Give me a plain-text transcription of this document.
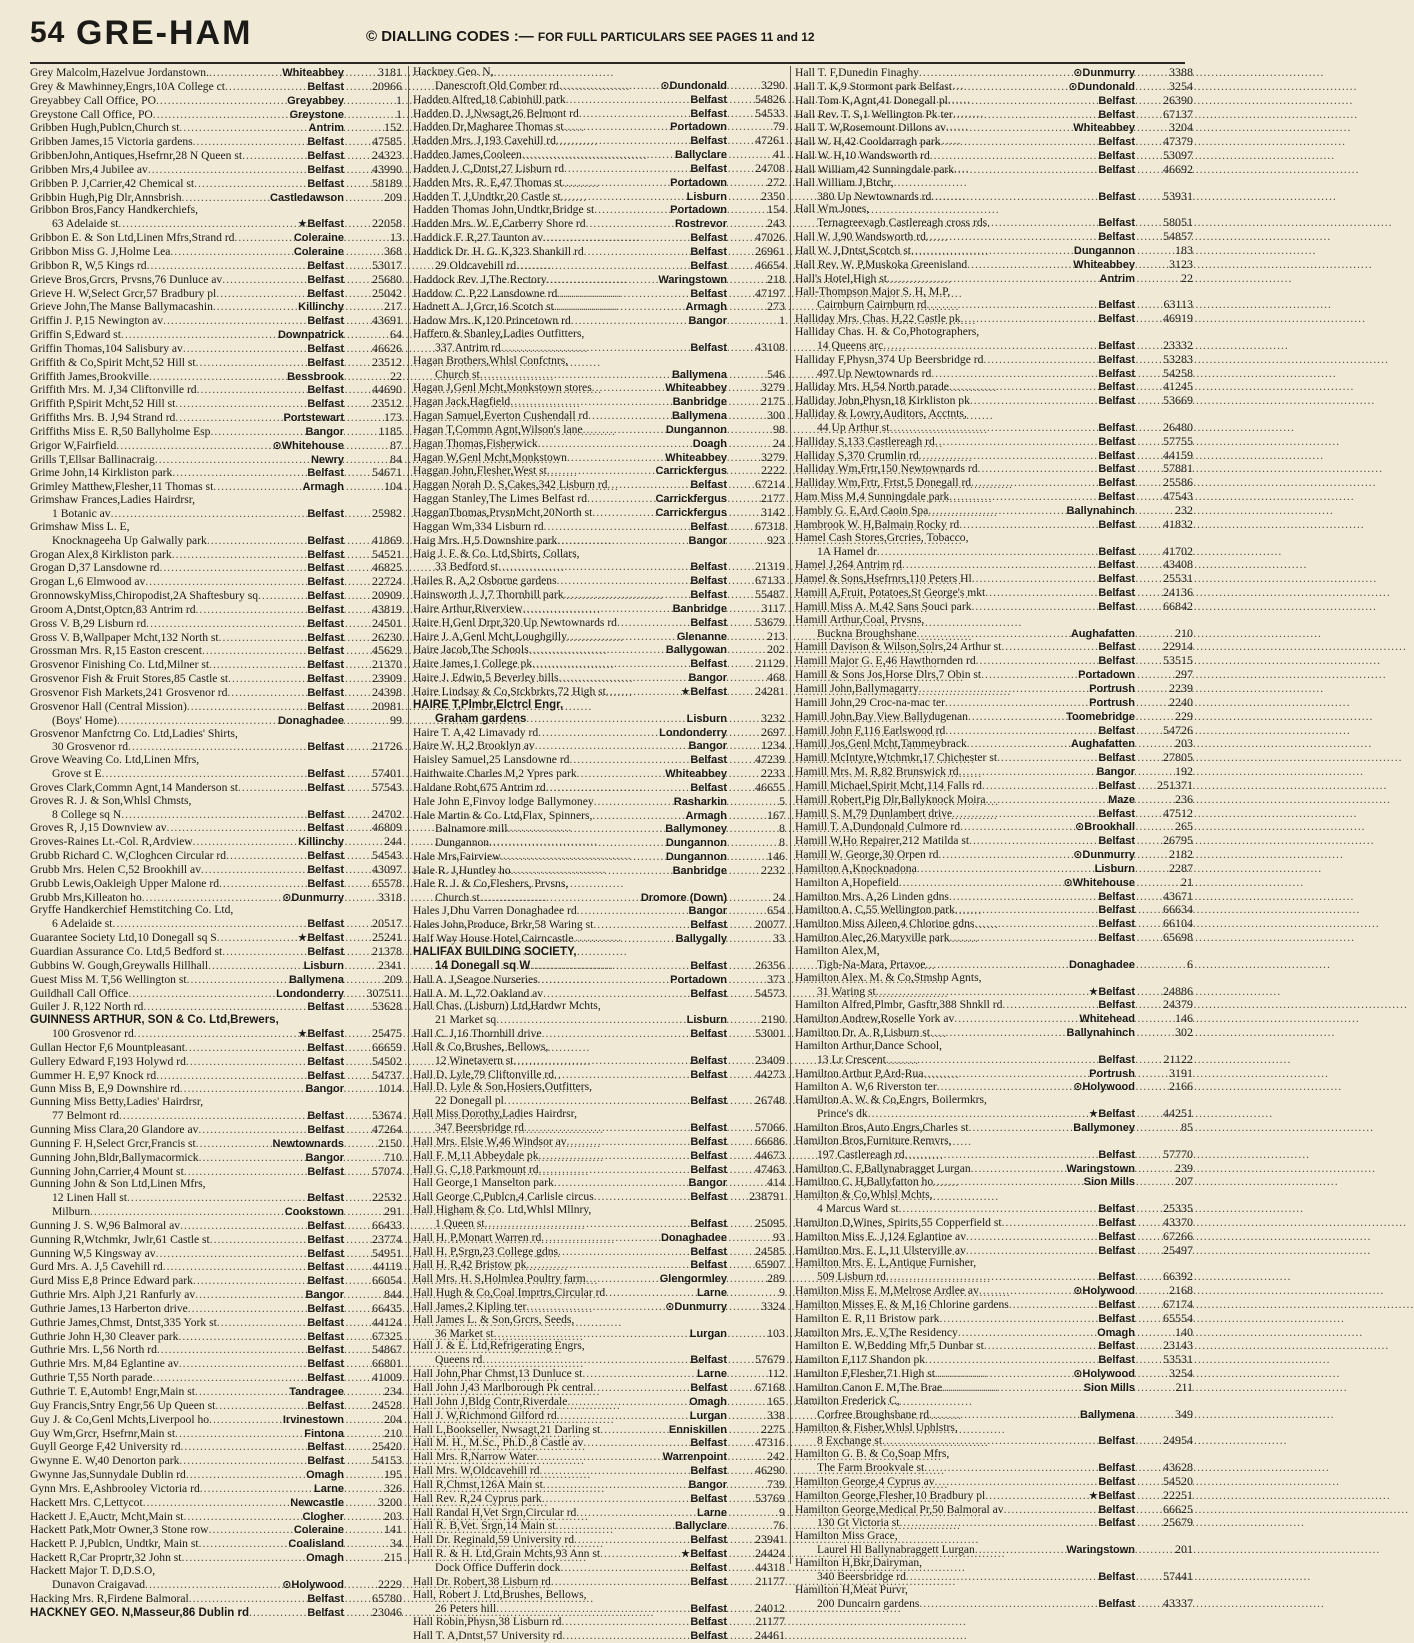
54 GRE-HAM	© DIALLING CODES :— FOR FULL PARTICULARS SEE PAGES 11 and 12
Grey Malcolm,Hazelvue Jordanstown. .....	Whiteabbey	3181
Grey & Mawhinney,Engrs,10A College ct .....	Belfast	20966
Greyabbey Call Office, PO .....	Greyabbey	1
Greystone Call Office, PO .....	Greystone	1
Gribben Hugh,Publcn,Church st .....	Antrim	152
Gribben James,15 Victoria gardens .....	Belfast	47585
GribbenJohn,Antiques,Hsefrnr,28 N Queen st .....	Belfast	24323
Gribben Mrs,4 Jubilee av .....	Belfast	43990
Gribben P. J,Carrier,42 Chemical st .....	Belfast	58189
Gribbin Hugh,Pig Dlr,Annsbrish .....	Castledawson	209
Gribbon Bros,Fancy Handkerchiefs,
63 Adelaide st .....	★Belfast	22058
Gribbon E. & Son Ltd,Linen Mfrs,Strand rd .....	Coleraine	13
Gribbon Miss G. J,Holme Lea .....	Coleraine	368
Gribbon R, W,5 Kings rd .....	Belfast	53017
Grieve Bros,Grcrs, Prvsns,76 Dunluce av .....	Belfast	25680
Grieve H. W,Select Grcr,57 Bradbury pl .....	Belfast	25042
Grieve John,The Manse Ballymacashin .....	Killinchy	217
Griffin J. P,15 Newington av .....	Belfast	43691
Griffin S,Edward st .....	Downpatrick	64
Griffin Thomas,104 Salisbury av .....	Belfast	46626
Griffith & Co,Spirit Mcht,52 Hill st .....	Belfast	23512
Griffith James,Brookville .....	Bessbrook	22
Griffith Mrs. M. J,34 Cliftonville rd .....	Belfast	44690
Griffith P,Spirit Mcht,52 Hill st .....	Belfast	23512
Griffiths Mrs. B. J,94 Strand rd .....	Portstewart	173
Griffiths Miss E. R,50 Ballyholme Esp .....	Bangor	1185
Grigor W,Fairfield .....	⊙Whitehouse	87
Grills T,Ellsar Ballinacraig .....	Newry	84
Grime John,14 Kirkliston park .....	Belfast	54671
Grimley Matthew,Flesher,11 Thomas st .....	Armagh	104
Grimshaw Frances,Ladies Hairdrsr,
1 Botanic av .....	Belfast	25982
Grimshaw Miss L. E,
Knocknageeha Up Galwally park .....	Belfast	41869
Grogan Alex,8 Kirkliston park .....	Belfast	54521
Grogan D,37 Lansdowne rd .....	Belfast	46825
Grogan L,6 Elmwood av .....	Belfast	22724
GronnowskyMiss,Chiropodist,2A Shaftesbury sq .....	Belfast	20909
Groom A,Dntst,Optcn,83 Antrim rd .....	Belfast	43819
Gross V. B,29 Lisburn rd .....	Belfast	24501
Gross V. B,Wallpaper Mcht,132 North st .....	Belfast	26230
Grossman Mrs. R,15 Easton crescent .....	Belfast	45629
Grosvenor Finishing Co. Ltd,Milner st .....	Belfast	21370
Grosvenor Fish & Fruit Stores,85 Castle st .....	Belfast	23909
Grosvenor Fish Markets,241 Grosvenor rd .....	Belfast	24398
Grosvenor Hall (Central Mission) .....	Belfast	20981
(Boys' Home) .....	Donaghadee	99
Grosvenor Manfctrng Co. Ltd,Ladies' Shirts,
30 Grosvenor rd .....	Belfast	21726
Grove Weaving Co. Ltd,Linen Mfrs,
Grove st E .....	Belfast	57401
Groves Clark,Commn Agnt,14 Manderson st .....	Belfast	57543
Groves R. J. & Son,Whlsl Chmsts,
8 College sq N .....	Belfast	24702
Groves R, J,15 Downview av .....	Belfast	46809
Groves-Raines Lt.-Col. R,Ardview .....	Killinchy	244
Grubb Richard C. W,Cloghcen Circular rd .....	Belfast	54543
Grubb Mrs. Helen C,52 Brookhill av .....	Belfast	43097
Grubb Lewis,Oakleigh Upper Malone rd .....	Belfast	65578
Grubb Mrs,Killeaton ho .....	⊙Dunmurry	3318
Gryffe Handkerchief Hemstitching Co. Ltd,
6 Adelaide st .....	Belfast	20517
Guarantee Society Ltd,10 Donegall sq S .....	★Belfast	25241
Guardian Assurance Co. Ltd,5 Bedford st .....	Belfast	21378
Gubbins W. Gough,Greywalls Hillhall .....	Lisburn	2341
Guest Miss M. T,56 Wellington st .....	Ballymena	209
Guildhall Call Office .....	Londonderry	307511
Guiler J. R,122 North rd .....	Belfast	53628
GUINNESS ARTHUR, SON & Co. Ltd,Brewers,
100 Grosvenor rd .....	★Belfast	25475
Gullan Hector F,6 Mountpleasant .....	Belfast	66659
Gullery Edward F,193 Holywd rd .....	Belfast	54502
Gummer H. E,97 Knock rd .....	Belfast	54737
Gunn Miss B, E,9 Downshire rd .....	Bangor	1014
Gunning Miss Betty,Ladies' Hairdrsr,
77 Belmont rd .....	Belfast	53674
Gunning Miss Clara,20 Glandore av .....	Belfast	47264
Gunning F. H,Select Grcr,Francis st .....	Newtownards	2150
Gunning John,Bldr,Ballymacormick .....	Bangor	710
Gunning John,Carrier,4 Mount st .....	Belfast	57074
Gunning John & Son Ltd,Linen Mfrs,
12 Linen Hall st .....	Belfast	22532
Milburn .....	Cookstown	291
Gunning J. S. W,96 Balmoral av .....	Belfast	66433
Gunning R,Wtchmkr, Jwlr,61 Castle st .....	Belfast	23774
Gunning W,5 Kingsway av .....	Belfast	54951
Gurd Mrs. A. J,5 Cavehill rd .....	Belfast	44119
Gurd Miss E,8 Prince Edward park .....	Belfast	66054
Guthrie Mrs. Alph J,21 Ranfurly av .....	Bangor	844
Guthrie James,13 Harberton drive .....	Belfast	66435
Guthrie James,Chmst, Dntst,335 York st .....	Belfast	44124
Guthrie John H,30 Cleaver park .....	Belfast	67325
Guthrie Mrs. L,56 North rd .....	Belfast	54867
Guthrie Mrs. M,84 Eglantine av .....	Belfast	66801
Guthrie T,55 North parade .....	Belfast	41009
Guthrie T. E,Automb! Engr,Main st .....	Tandragee	234
Guy Francis,Sntry Engr,56 Up Queen st .....	Belfast	24528
Guy J. & Co,Genl Mchts,Liverpool ho .....	Irvinestown	204
Guy Wm,Grcr, Hsefrnr,Main st .....	Fintona	210
Guyll George F,42 University rd .....	Belfast	25420
Gwynne E. W,40 Denorton park .....	Belfast	54153
Gwynne Jas,Sunnydale Dublin rd .....	Omagh	195
Gynn Mrs. E,Ashbrooley Victoria rd .....	Larne	326
Hackett Mrs. C,Lettycot .....	Newcastle	3200
Hackett J. E,Auctr, Mcht,Main st .....	Clogher	203
Hackett Patk,Motr Owner,3 Stone row .....	Coleraine	141
Hackett P. J,Publcn, Undtkr, Main st .....	Coalisland	34
Hackett R,Car Proprtr,32 John st .....	Omagh	215
Hackett Major T. D,D.S.O,
Dunavon Craigavad .....	⊙Holywood	2229
Hacking Mrs. R,Firdene Balmoral .....	Belfast	65780
HACKNEY GEO. N,Masseur,86 Dublin rd .....	Belfast	23046
Hackney Geo. N,
Danescroft Old Comber rd .....	⊙Dundonald	3290
Hadden Alfred,18 Cabinhill park .....	Belfast	54826
Hadden D. J,Nwsagt,26 Belmont rd .....	Belfast	54533
Hadden Dr,Magharee Thomas st .....	Portadown	79
Hadden Mrs. J,193 Cavehill rd .....	Belfast	47261
Hadden James,Cooleen .....	Ballyclare	41
Hadden J. C,Dntst,27 Lisburn rd .....	Belfast	24708
Hadden Mrs. R. E,47 Thomas st .....	Portadown	272
Hadden T. J,Undtkr,20 Castle st .....	Lisburn	2350
Hadden Thomas John,Undtkr,Bridge st .....	Portadown	154
Hadden Mrs. W. E,Carberry Shore rd .....	Rostrevor	243
Haddick F. R,27 Taunton av .....	Belfast	47026
Haddick Dr. H. G. K,323 Shankill rd .....	Belfast	26961
29 Oldcavehill rd .....	Belfast	46654
Haddock Rev. J,The Rectory .....	Waringstown	218
Haddow C. P,22 Lansdowne rd .....	Belfast	47197
Hadnett A. J,Grcr,16 Scotch st .....	Armagh	273
Hadow Mrs. K,120 Princetown rd .....	Bangor	1
Haffern & Shanley,Ladies Outfitters,
337 Antrim rd .....	Belfast	43108
Hagan Brothers,Whlsl Confctnrs,
Church st .....	Ballymena	546
Hagan J,Genl Mcht,Monkstown stores .....	Whiteabbey	3279
Hagan Jack,Hagfield .....	Banbridge	2175
Hagan Samuel,Everton Cushendall rd .....	Ballymena	300
Hagan T,Commn Agnt,Wilson's lane .....	Dungannon	98
Hagan Thomas,Fisherwick .....	Doagh	24
Hagan W,Genl Mcht,Monkstown .....	Whiteabbey	3279
Haggan John,Flesher,West st .....	Carrickfergus	2222
Haggan Norah D. S,Cakes,342 Lisburn rd .....	Belfast	67214
Haggan Stanley,The Limes Belfast rd .....	Carrickfergus	2177
HagganThomas,PrvsnMcht,20North st .....	Carrickfergus	3142
Haggan Wm,334 Lisburn rd .....	Belfast	67318
Haig Mrs. H,5 Downshire park .....	Bangor	923
Haig J. F. & Co. Ltd,Shirts, Collars,
33 Bedford st .....	Belfast	21319
Hailes R. A,2 Osborne gardens .....	Belfast	67133
Hainsworth J. J,7 Thornhill park .....	Belfast	55487
Haire Arthur,Riverview .....	Banbridge	3117
Haire H,Genl Drpr,320 Up Newtownards rd .....	Belfast	53679
Haire J. A,Genl Mcht,Loughgilly .....	Glenanne	213
Haire Jacob,The Schools .....	Ballygowan	202
Haire James,1 College pk .....	Belfast	21129
Haire J. Edwin,5 Beverley hills .....	Bangor	468
Haire Lindsay & Co,Stckbrkrs,72 High st .....	★Belfast	24281
HAIRE T,Plmbr,Elctrcl Engr,
Graham gardens .....	Lisburn	3232
Haire T. A,42 Limavady rd .....	Londonderry	2697
Haire W. H,2 Brooklyn av .....	Bangor	1234
Haisley Samuel,25 Lansdowne rd .....	Belfast	47239
Haithwaite Charles M,2 Ypres park .....	Whiteabbey	2233
Haldane Robt,675 Antrim rd .....	Belfast	46655
Hale John E,Finvoy lodge Ballymoney .....	Rasharkin	5
Hale Martin & Co. Ltd,Flax, Spinners, .....	Armagh	167
Balnamore mill .....	Ballymoney	8
Dungannon .....	Dungannon	8
Hale Mrs,Fairview .....	Dungannon	146
Hale R. J,Huntley ho .....	Banbridge	2232
Hale R. J. & Co,Fleshers, Prvsns,
Church st .....	Dromore (Down)	24
Hales J,Dhu Varren Donaghadee rd .....	Bangor	654
Hales John,Produce, Brkr,58 Waring st .....	Belfast	20077
Half Way House Hotel,Cairncastle .....	Ballygally	33
HALIFAX BUILDING SOCIETY,
14 Donegall sq W .....	Belfast	26356
Hall A. J,Seagoe Nurseries .....	Portadown	373
Hall A. M. L,72 Oakland av .....	Belfast	54573
Hall Chas. (Lisburn) Ltd,Hardwr Mchts,
21 Market sq .....	Lisburn	2190
Hall C. J,16 Thornhill drive .....	Belfast	53001
Hall & Co,Brushes, Bellows,
12 Winetavern st .....	Belfast	23409
Hall D. Lyle,79 Cliftonville rd .....	Belfast	44273
Hall D. Lyle & Son,Hosiers,Outfitters,
22 Donegall pl .....	Belfast	26748
Hall Miss Dorothy,Ladies Hairdrsr,
347 Beersbridge rd .....	Belfast	57066
Hall Mrs. Elsie W,46 Windsor av .....	Belfast	66686
Hall F. M,11 Abbeydale pk .....	Belfast	44673
Hall G. C,18 Parkmount rd .....	Belfast	47463
Hall George,1 Manselton park .....	Bangor	414
Hall George C,Publcn,4 Carlisle circus .....	Belfast	238791
Hall Higham & Co. Ltd,Whlsl Mllnry,
1 Queen st .....	Belfast	25095
Hall H. P,Monart Warren rd .....	Donaghadee	93
Hall H. P,Srgn,23 College gdns .....	Belfast	24585
Hall H. R,42 Bristow pk .....	Belfast	65907
Hall Mrs. H. S,Holmlea Poultry farm .....	Glengormley	289
Hall Hugh & Co,Coal Imprtrs,Circular rd .....	Larne	9
Hall James,2 Kipling ter .....	⊙Dunmurry	3324
Hall James L. & Son,Grcrs, Seeds,
36 Market st .....	Lurgan	103
Hall J. & E. Ltd,Refrigerating Engrs,
Queens rd .....	Belfast	57679
Hall John,Phar Chmst,13 Dunluce st .....	Larne	112
Hall John J,43 Marlborough Pk central .....	Belfast	67168
Hall John J,Bldg Contr,Riverdale .....	Omagh	165
Hall J. W,Richmond Gilford rd .....	Lurgan	338
Hall L,Bookseller, Nwsagt,21 Darling st .....	Enniskillen	2275
Hall M. H., M.Sc., Ph.D.,8 Castle av .....	Belfast	47316
Hall Mrs. R,Narrow Water .....	Warrenpoint	242
Hall Mrs. W,Oldcavehill rd .....	Belfast	46290
Hall R,Chmst,126A Main st .....	Bangor	739
Hall Rev. R,24 Cyprus park .....	Belfast	53769
Hall Randal H,Vet Srgn,Circular rd .....	Larne	9
Hall R. B,Vet. Srgn,14 Main st .....	Ballyclare	76
Hall Dr. Reginald,59 University rd .....	Belfast	23941
Hall R. & H. Ltd,Grain Mchts,93 Ann st .....	★Belfast	24424
Dock Office Dufferin dock .....	Belfast	44318
Hall Dr. Robert,38 Lisburn rd .....	Belfast	21177
Hall, Robert J. Ltd,Brushes, Bellows,
26 Peters hill .....	Belfast	24012
Hall Robin,Physn,38 Lisburn rd .....	Belfast	21177
Hall T. A,Dntst,57 University rd .....	Belfast	24461
Hall T. F,Dunedin Finaghy .....	⊙Dunmurry	3388
Hall T. K,9 Stormont park Belfast .....	⊙Dundonald	3254
Hall Tom K,Agnt,41 Donegall pl .....	Belfast	26390
Hall Rev. T. S,1 Wellington Pk ter .....	Belfast	67137
Hall T. W,Rosemount Dillons av .....	Whiteabbey	3204
Hall W. H,42 Cooldarragh park .....	Belfast	47379
Hall W. H,10 Wandsworth rd .....	Belfast	53097
Hall William,42 Sunningdale park .....	Belfast	46692
Hall William J,Btchr,
380 Up Newtownards rd .....	Belfast	53931
Hall Wm.Jones,
Ternagreevagh Castlereagh cross rds .....	Belfast	58051
Hall W. J,90 Wandsworth rd .....	Belfast	54857
Hall W. J,Dntst,Scotch st .....	Dungannon	183
Hall Rev. W. P,Muskoka Greenisland .....	Whiteabbey	3123
Hall's Hotel,High st .....	Antrim	22
Hall-Thompson Major S. H, M.P,
Cairnburn Cairnburn rd .....	Belfast	63113
Halliday Mrs. Chas. H,22 Castle pk .....	Belfast	46919
Halliday Chas. H. & Co,Photographers,
14 Queens arc .....	Belfast	23332
Halliday F,Physn,374 Up Beersbridge rd .....	Belfast	53283
497 Up Newtownards rd .....	Belfast	54258
Halliday Mrs. H,54 North parade .....	Belfast	41245
Halliday John,Physn,18 Kirkliston pk .....	Belfast	53669
Halliday & Lowry,Auditors, Acctnts,
44 Up Arthur st .....	Belfast	26480
Halliday S,133 Castlereagh rd .....	Belfast	57755
Halliday S,370 Crumlin rd .....	Belfast	44159
Halliday Wm,Frtr,150 Newtownards rd .....	Belfast	57881
Halliday Wm,Frtr, Frtst,5 Donegall rd .....	Belfast	25586
Ham Miss M,4 Sunningdale park .....	Belfast	47543
Hambly G. E,Ard Caoin Spa .....	Ballynahinch	232
Hambrook W. H,Balmain Rocky rd .....	Belfast	41832
Hamel Cash Stores,Grcries, Tobacco,
1A Hamel dr .....	Belfast	41702
Hamel J,264 Antrim rd .....	Belfast	43408
Hamel & Sons,Hsefrnrs,110 Peters Hl .....	Belfast	25531
Hamill A,Fruit, Potatoes,St George's mkt .....	Belfast	24136
Hamill Miss A. M,42 Sans Souci park .....	Belfast	66842
Hamill Arthur,Coal, Prvsns,
Buckna Broughshane .....	Aughafatten	210
Hamill Davison & Wilson,Solrs,24 Arthur st .....	Belfast	22914
Hamill Major G. E,46 Hawthornden rd .....	Belfast	53515
Hamill & Sons Jos,Horse Dlrs,7 Obin st .....	Portadown	297
Hamill John,Ballymagarry .....	Portrush	2239
Hamill John,29 Croc-na-mac ter .....	Portrush	2240
Hamill John,Bay View Ballydugenan .....	Toomebridge	229
Hamill John F,116 Earlswood rd .....	Belfast	54726
Hamill Jos,Genl Mcht,Tammeybrack .....	Aughafatten	203
Hamill McIntyre,Wtchmkr,17 Chichester st .....	Belfast	27805
Hamill Mrs. M. R,82 Brunswick rd .....	Bangor	192
Hamill Michael,Spirit Mcht,114 Falls rd .....	Belfast	251371
Hamill Robert,Pig Dlr,Ballyknock Moira .....	Maze	236
Hamill S. M,79 Dunlambert drive .....	Belfast	47512
Hamill T. A,Dundonald Culmore rd .....	⊙Brookhall	265
Hamill W,Ho Repairer,212 Matilda st .....	Belfast	26795
Hamill W. George,30 Orpen rd .....	⊙Dunmurry	2182
Hamilton A,Knocknadona .....	Lisburn	2287
Hamilton A,Hopefield .....	⊙Whitehouse	21
Hamilton Mrs. A,26 Linden gdns .....	Belfast	43671
Hamilton A. C,55 Wellington park .....	Belfast	66634
Hamilton Miss Aileen,4 Chlorine gdns .....	Belfast	66104
Hamilton Alec,26 Maryville park .....	Belfast	65698
Hamilton Alex,M,
Tigh-Na-Mara, Prtavoe .....	Donaghadee	6
Hamilton Alex. M. & Co,Stmshp Agnts,
31 Waring st .....	★Belfast	24886
Hamilton Alfred,Plmbr, Gasftr,388 Shnkll rd .....	Belfast	24379
Hamilton Andrew,Roselle York av .....	Whitehead	146
Hamilton Dr. A. R,Lisburn st .....	Ballynahinch	302
Hamilton Arthur,Dance School,
13 Lr Crescent .....	Belfast	21122
Hamilton Arthur P,Ard-Rua .....	Portrush	3191
Hamilton A. W,6 Riverston ter .....	⊙Holywood	2166
Hamilton A. W. & Co,Engrs, Boilermkrs,
Prince's dk .....	★Belfast	44251
Hamilton Bros,Auto Engrs,Charles st .....	Ballymoney	85
Hamilton Bros,Furniture Remvrs,
197 Castlereagh rd .....	Belfast	57770
Hamilton C. F,Ballynabragget Lurgan .....	Waringstown	239
Hamilton C. H,Ballyfatton ho .....	Sion Mills	207
Hamilton & Co,Whlsl Mchts,
4 Marcus Ward st .....	Belfast	25335
Hamilton D,Wines, Spirits,55 Copperfield st .....	Belfast	43370
Hamilton Miss E. J,124 Eglantine av .....	Belfast	67266
Hamilton Mrs. E. L,11 Ulsterville av .....	Belfast	25497
Hamilton Mrs. E. L,Antique Furnisher,
509 Lisburn rd .....	Belfast	66392
Hamilton Miss E. M,Melrose Ardlee av .....	⊙Holywood	2168
Hamilton Misses E. & M,16 Chlorine gardens .....	Belfast	67174
Hamilton E. R,11 Bristow park .....	Belfast	65554
Hamilton Mrs. E. V,The Residency .....	Omagh	140
Hamilton E. W,Bedding Mfr,5 Dunbar st .....	Belfast	23143
Hamilton F,117 Shandon pk .....	Belfast	53531
Hamilton F,Flesher,71 High st .....	⊙Holywood	3254
Hamilton Canon F. M,The Brae .....	Sion Mills	211
Hamilton Frederick C,
Corfree Broughshane rd .....	Ballymena	349
Hamilton & Fisher,Whlsl Uphlstrs,
8 Exchange st .....	Belfast	24954
Hamilton G. B. & Co,Soap Mfrs,
The Farm Brookvale st .....	Belfast	43628
Hamilton George,4 Cyprus av .....	Belfast	54520
Hamilton George,Flesher,10 Bradbury pl .....	★Belfast	22251
Hamilton George,Medical Pr,50 Balmoral av .....	Belfast	66625
130 Gt Victoria st .....	Belfast	25679
Hamilton Miss Grace,
Laurel Hl Ballynabraggett Lurgan .....	Waringstown	201
Hamilton H,Bkr,Dairyman,
340 Beersbridge rd .....	Belfast	57441
Hamilton H,Meat Purvr,
200 Duncairn gardens .....	Belfast	43337
